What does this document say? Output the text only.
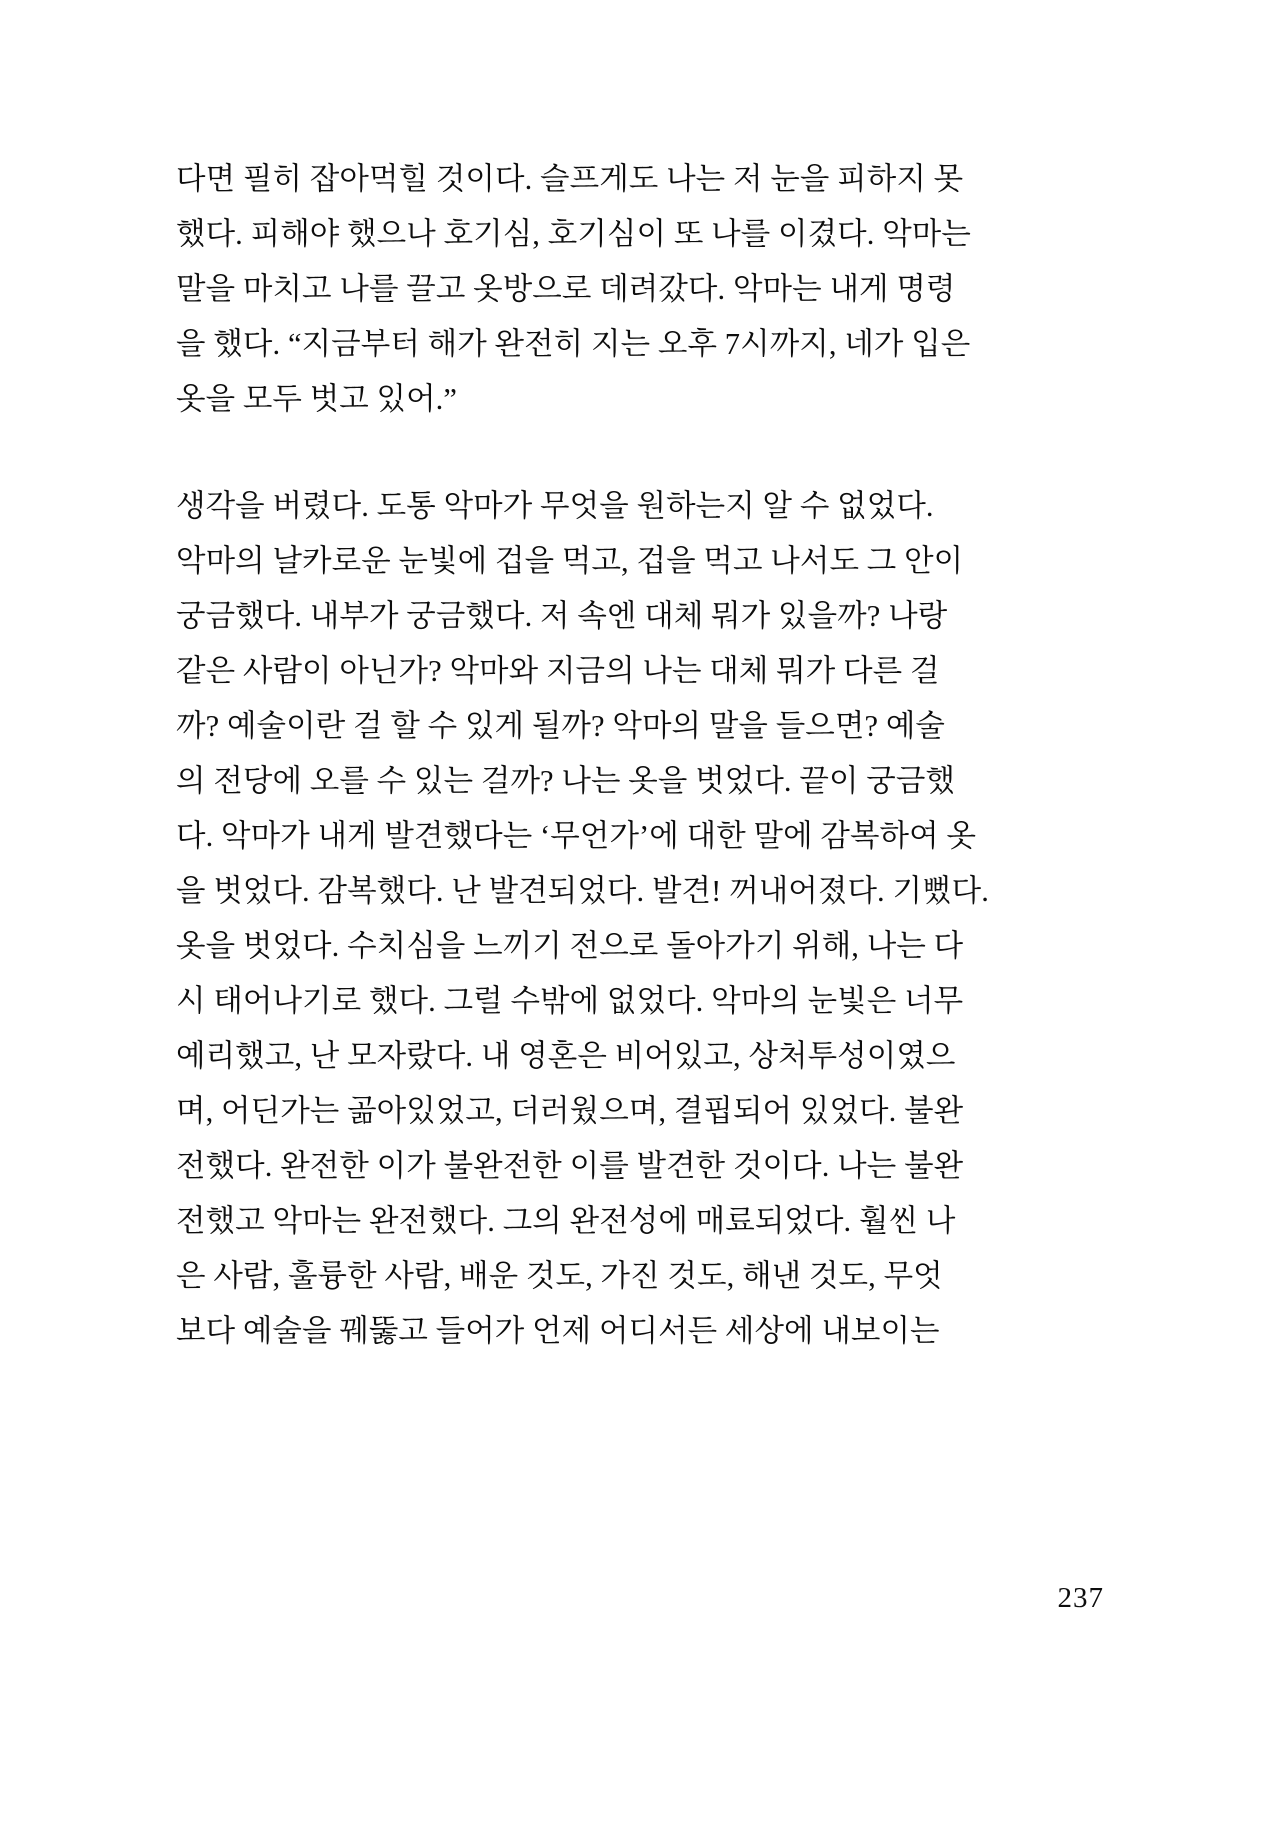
다 면
필 히
잡 아 먹 힐
것 이 다 .
슬 프 게 도
나 는
저
눈 을
피 하 지
못
했 다 .
피 해 야
했 으 나
호 기 심 ,
호 기 심 이
또
나 를
이 겼 다 .
악 마 는
말 을
마 치 고
나 를
끌 고
옷 방 으 로
데 려 갔 다 .
악 마 는
내 게
명 령
을
했 다 .
“ 지 금 부 터
해 가
완 전 히
지 는
오 후
7 시 까 지 ,
네 가
입 은
옷을 모두 벗고 있어.”
생 각 을
버 렸 다 .
도 통
악 마 가
무 엇 을
원 하 는 지
알
수
없 었 다 .
악 마 의
날 카 로 운
눈 빛 에
겁 을
먹 고 ,
겁 을
먹 고
나 서 도
그
안 이
궁 금 했 다 .
내 부 가
궁 금 했 다 .
저
속 엔
대 체
뭐 가
있 을 까 ?
나 랑
같 은
사 람 이
아 닌 가 ?
악 마 와
지 금 의
나 는
대 체
뭐 가
다 른
걸
까 ?
예 술 이 란
걸
할
수
있 게
될 까 ?
악 마 의
말 을
들 으 면 ?
예 술
의
전 당 에
오 를
수
있 는
걸 까 ?
나 는
옷 을
벗 었 다 .
끝 이
궁 금 했
다 .
악 마 가
내 게
발 견 했 다 는
‘ 무 언 가 ’ 에
대 한
말 에
감 복 하 여
옷
을
벗 었 다 .
감 복 했 다 .
난
발 견 되 었 다 .
발 견 !
꺼 내 어 졌 다 .
기 뻤 다 .
옷 을
벗 었 다 .
수 치 심 을
느 끼 기
전 으 로
돌 아 가 기
위 해 ,
나 는
다
시
태 어 나 기 로
했 다 .
그 럴
수 밖 에
없 었 다 .
악 마 의
눈 빛 은
너 무
예 리 했 고 ,
난
모 자 랐 다 .
내
영 혼 은
비 어 있 고 ,
상 처 투 성 이 였 으
며 ,
어 딘 가 는
곪 아 있 었 고 ,
더 러 웠 으 며 ,
결 핍 되 어
있 었 다 .
불 완
전 했 다 .
완 전 한
이 가
불 완 전 한
이 를
발 견 한
것 이 다 .
나 는
불 완
전 했 고
악 마 는
완 전 했 다 .
그 의
완 전 성 에
매 료 되 었 다 .
훨 씬
나
은
사 람 ,
훌 륭 한
사 람 ,
배 운
것 도 ,
가 진
것 도 ,
해 낸
것 도 ,
무 엇
보다 예술을 꿰뚫고 들어가 언제 어디서든 세상에 내보이는
237
